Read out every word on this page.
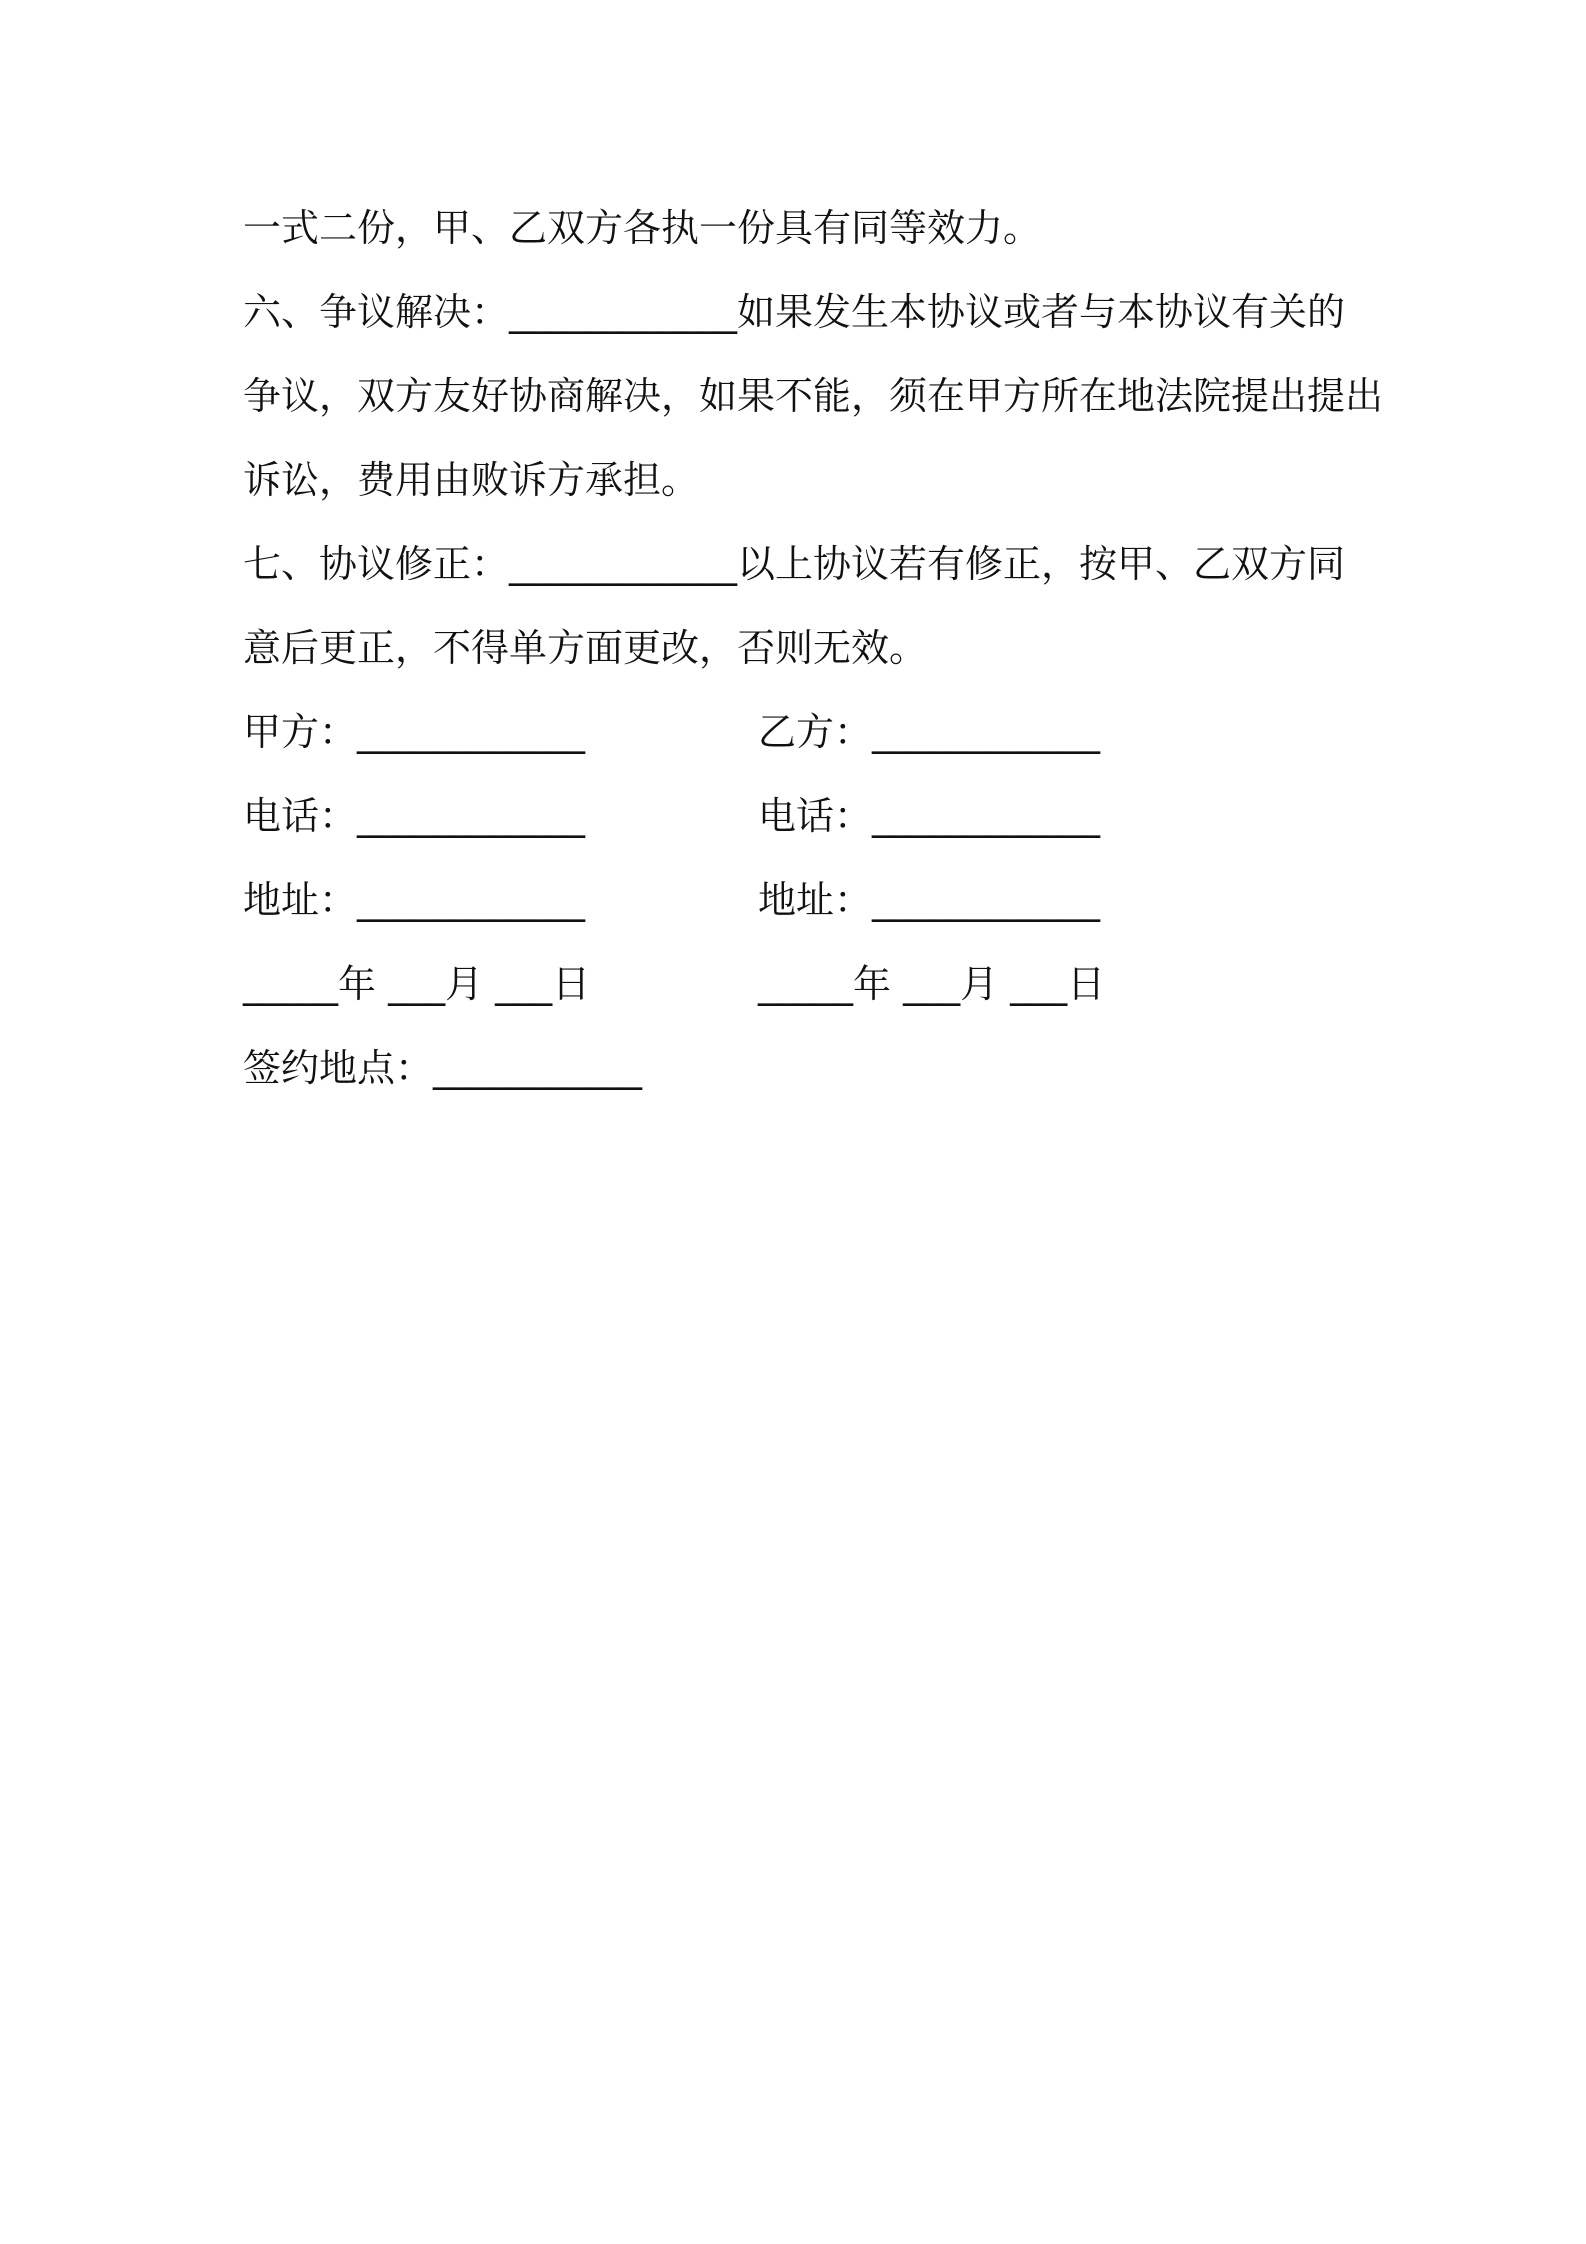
一式二份，甲、乙双方各执一份具有同等效力。
六、争议解决：____________如果发生本协议或者与本协议有关的
争议，双方友好协商解决，如果不能，须在甲方所在地法院提出提出
诉讼，费用由败诉方承担。
七、协议修正：____________以上协议若有修正，按甲、乙双方同
意后更正，不得单方面更改，否则无效。
甲方：____________	乙方：____________
电话：____________	电话：____________
地址：____________	地址：____________
_____年 ___月 ___日	_____年 ___月 ___日
签约地点：___________
